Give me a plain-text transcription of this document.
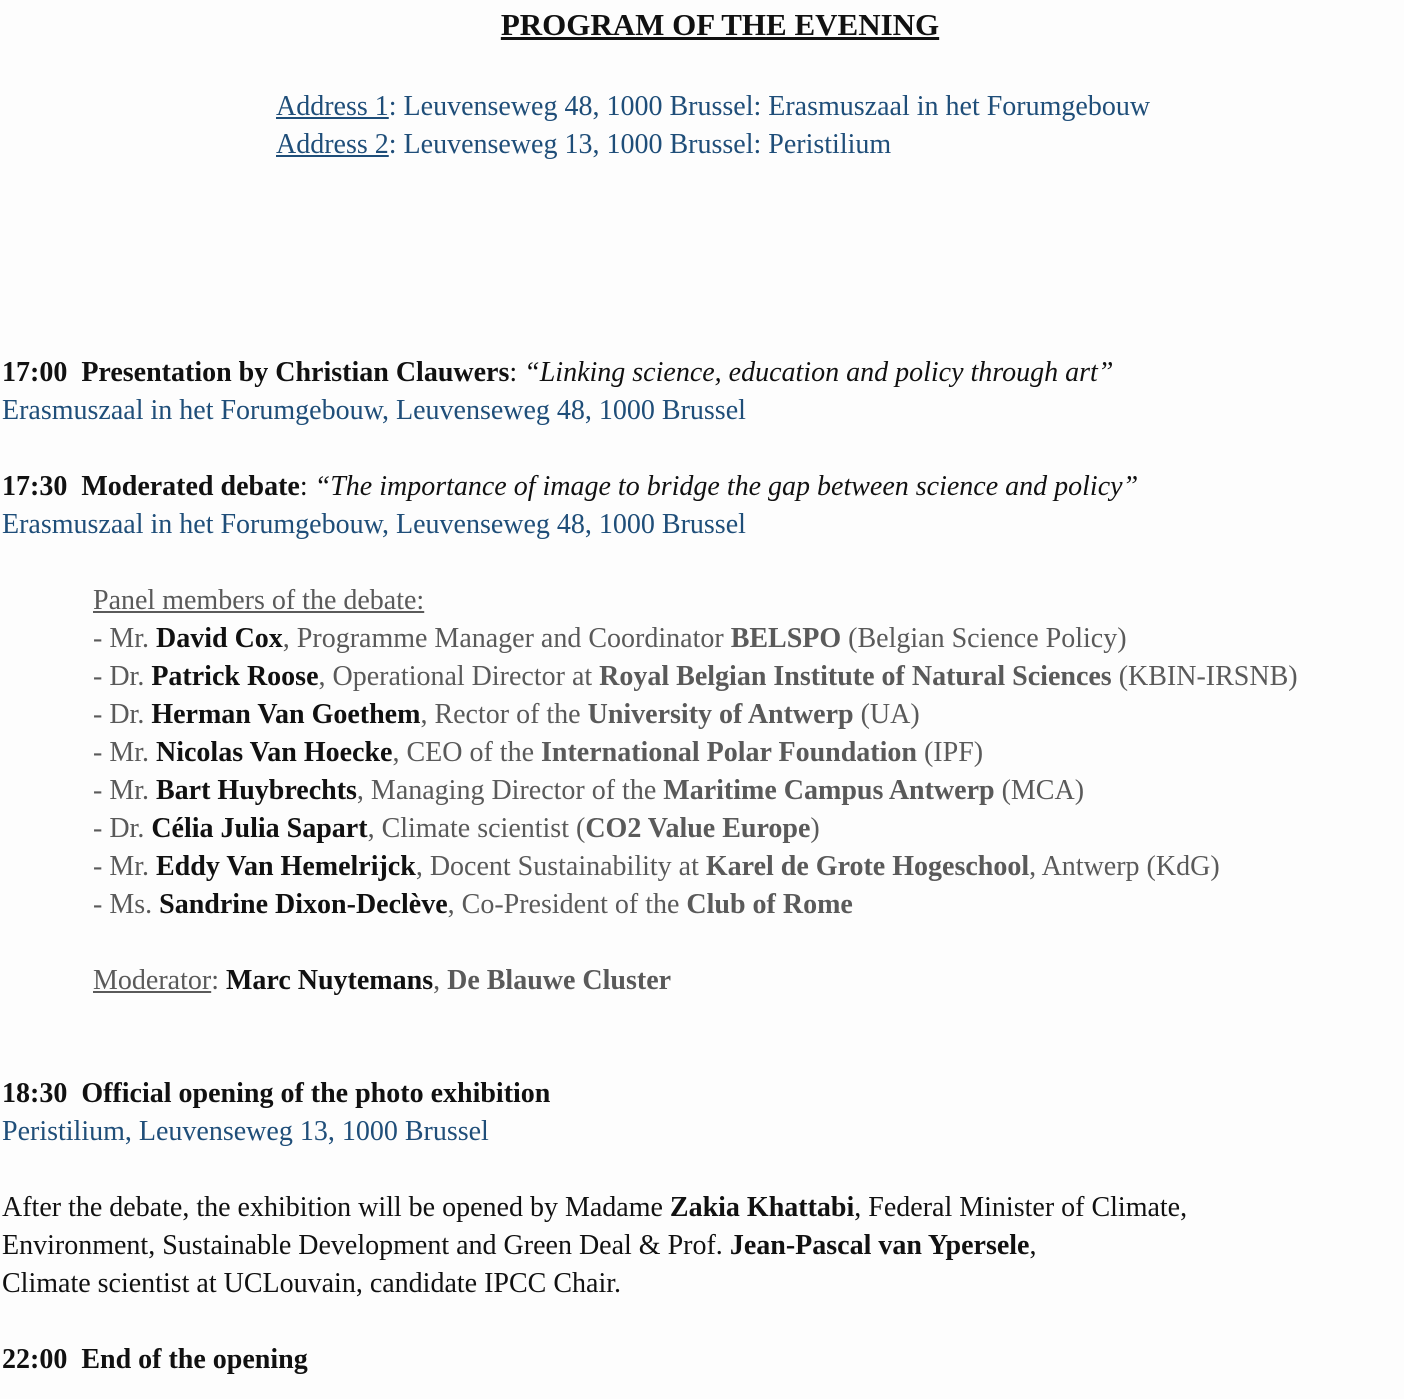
PROGRAM OF THE EVENING
Address 1: Leuvenseweg 48, 1000 Brussel: Erasmuszaal in het Forumgebouw
Address 2: Leuvenseweg 13, 1000 Brussel: Peristilium
17:00 Presentation by Christian Clauwers: “Linking science, education and policy through art”
Erasmuszaal in het Forumgebouw, Leuvenseweg 48, 1000 Brussel
17:30 Moderated debate: “The importance of image to bridge the gap between science and policy”
Erasmuszaal in het Forumgebouw, Leuvenseweg 48, 1000 Brussel
Panel members of the debate:
- Mr. David Cox, Programme Manager and Coordinator BELSPO (Belgian Science Policy)
- Dr. Patrick Roose, Operational Director at Royal Belgian Institute of Natural Sciences (KBIN-IRSNB)
- Dr. Herman Van Goethem, Rector of the University of Antwerp (UA)
- Mr. Nicolas Van Hoecke, CEO of the International Polar Foundation (IPF)
- Mr. Bart Huybrechts, Managing Director of the Maritime Campus Antwerp (MCA)
- Dr. Célia Julia Sapart, Climate scientist (CO2 Value Europe)
- Mr. Eddy Van Hemelrijck, Docent Sustainability at Karel de Grote Hogeschool, Antwerp (KdG)
- Ms. Sandrine Dixon-Declève, Co-President of the Club of Rome
Moderator: Marc Nuytemans, De Blauwe Cluster
18:30 Official opening of the photo exhibition
Peristilium, Leuvenseweg 13, 1000 Brussel
After the debate, the exhibition will be opened by Madame Zakia Khattabi, Federal Minister of Climate,
Environment, Sustainable Development and Green Deal & Prof. Jean-Pascal van Ypersele,
Climate scientist at UCLouvain, candidate IPCC Chair.
22:00 End of the opening
